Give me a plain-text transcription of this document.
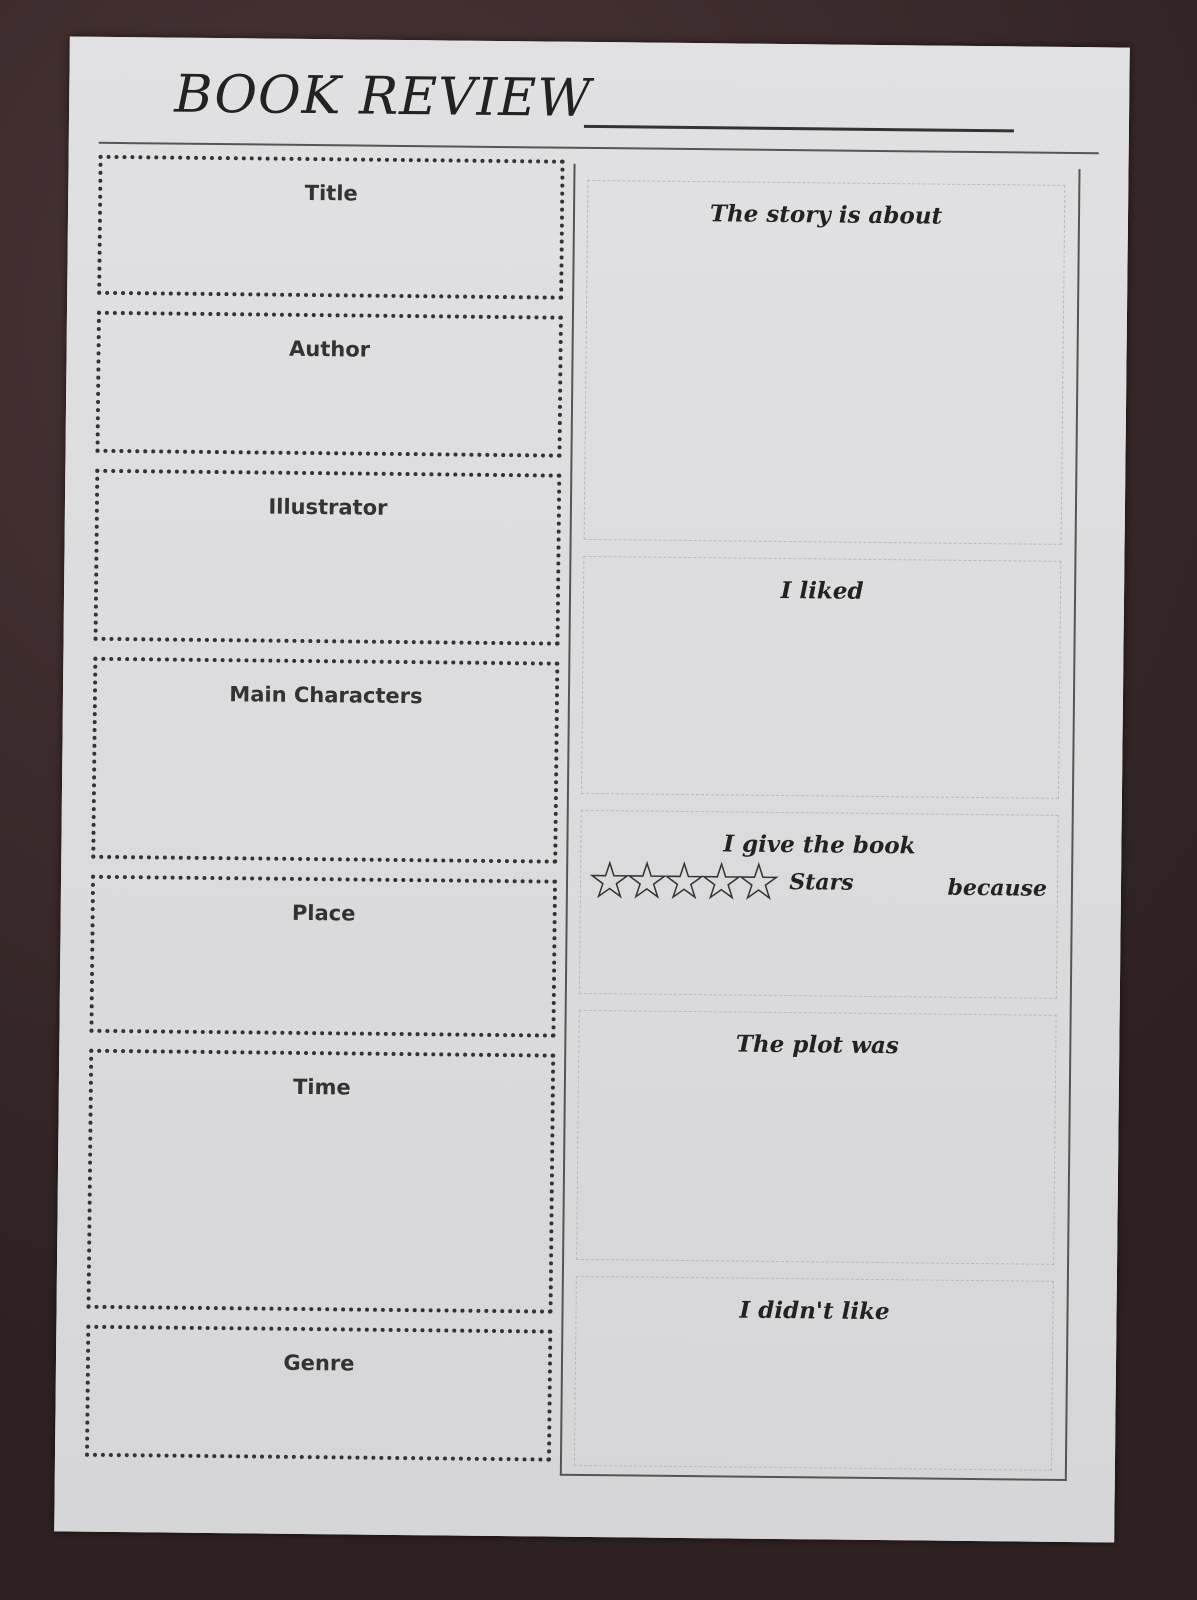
BOOK REVIEW
Title
Author
Illustrator
Main Characters
Place
Time
Genre
The story is about
I liked
I give the book
★
★
★
★
★ Stars	because
The plot was
I didn't like
